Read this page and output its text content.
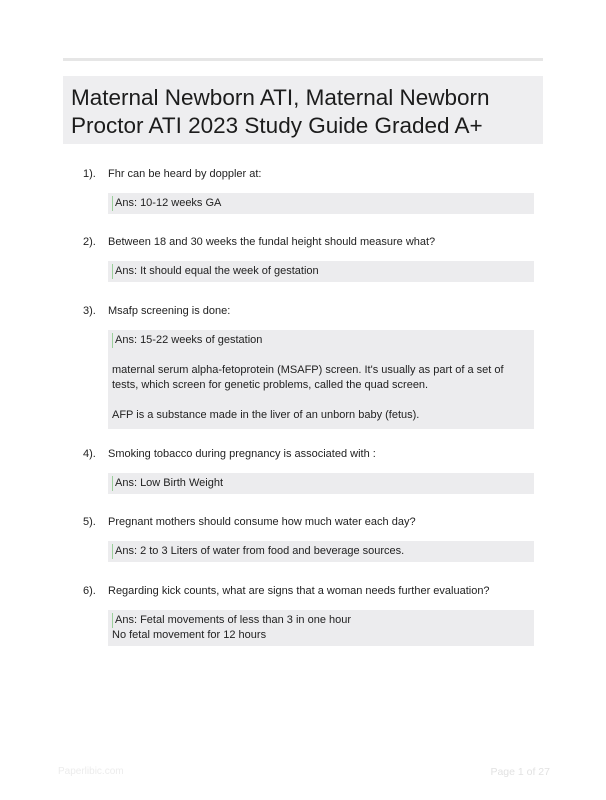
Maternal Newborn ATI, Maternal Newborn
Proctor ATI 2023 Study Guide Graded A+
1). Fhr can be heard by doppler at:

Ans: 10-12 weeks GA

2). Between 18 and 30 weeks the fundal height should measure what?

Ans: It should equal the week of gestation

3). Msafp screening is done:

Ans: 15-22 weeks of gestation

maternal serum alpha-fetoprotein (MSAFP) screen. It's usually as part of a set of tests, which screen for genetic problems, called the quad screen.

AFP is a substance made in the liver of an unborn baby (fetus).

4). Smoking tobacco during pregnancy is associated with :

Ans: Low Birth Weight

5). Pregnant mothers should consume how much water each day?

Ans: 2 to 3 Liters of water from food and beverage sources.

6). Regarding kick counts, what are signs that a woman needs further evaluation?

Ans: Fetal movements of less than 3 in one hour

No fetal movement for 12 hours

Paperlibic.com	Page 1 of 27
